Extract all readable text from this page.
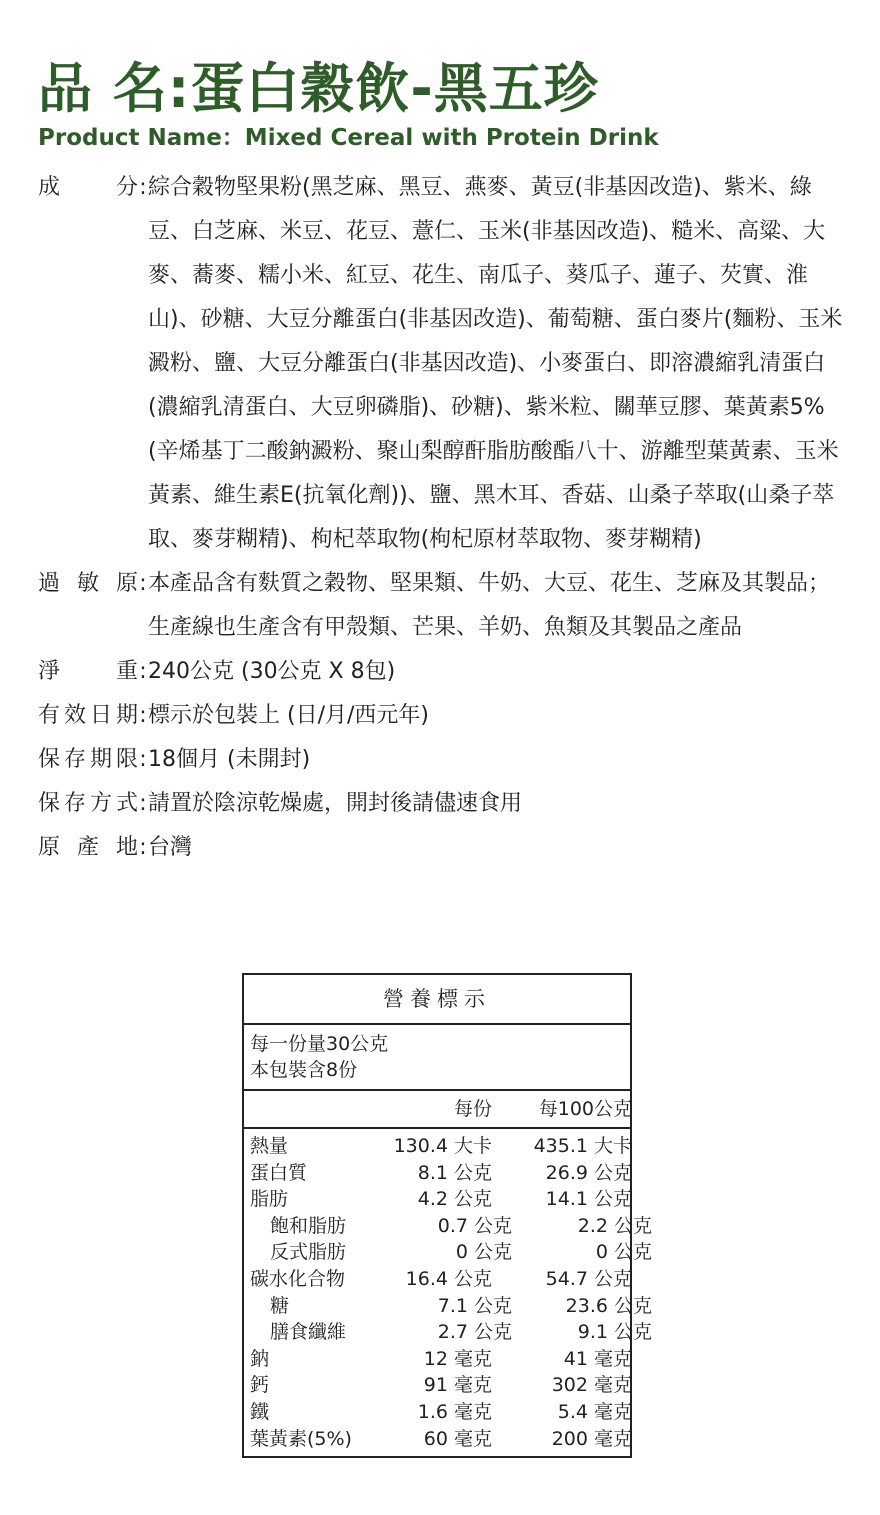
品 名:蛋白穀飲-黑五珍
Product Name：Mixed Cereal with Protein Drink
成	分 : 綜合穀物堅果粉(黑芝麻、黑豆、燕麥、黃豆(非基因改造)、紫米、綠豆、白芝麻、米豆、花豆、薏仁、玉米(非基因改造)、糙米、高粱、大麥、蕎麥、糯小米、紅豆、花生、南瓜子、葵瓜子、蓮子、芡實、淮山)、砂糖、大豆分離蛋白(非基因改造)、葡萄糖、蛋白麥片(麵粉、玉米澱粉、鹽、大豆分離蛋白(非基因改造)、小麥蛋白、即溶濃縮乳清蛋白(濃縮乳清蛋白、大豆卵磷脂)、砂糖)、紫米粒、關華豆膠、葉黃素5%(辛烯基丁二酸鈉澱粉、聚山梨醇酐脂肪酸酯八十、游離型葉黃素、玉米黃素、維生素E(抗氧化劑))、鹽、黑木耳、香菇、山桑子萃取(山桑子萃取、麥芽糊精)、枸杞萃取物(枸杞原材萃取物、麥芽糊精)
過 敏 原 : 本產品含有麩質之穀物、堅果類、牛奶、大豆、花生、芝麻及其製品；生產線也生產含有甲殼類、芒果、羊奶、魚類及其製品之產品
淨	重 : 240公克 (30公克 X 8包)
有 效 日 期 : 標示於包裝上 (日/月/西元年)
保 存 期 限 : 18個月 (未開封)
保 存 方 式 : 請置於陰涼乾燥處，開封後請儘速食用
原 產 地 : 台灣
營養標示
每一份量30公克
本包裝含8份
每份	每100公克
熱量	130.4 大卡	435.1 大卡
蛋白質	8.1 公克	26.9 公克
脂肪	4.2 公克	14.1 公克
飽和脂肪	0.7 公克	2.2 公克
反式脂肪	0 公克	0 公克
碳水化合物	16.4 公克	54.7 公克
糖	7.1 公克	23.6 公克
膳食纖維	2.7 公克	9.1 公克
鈉	12 毫克	41 毫克
鈣	91 毫克	302 毫克
鐵	1.6 毫克	5.4 毫克
葉黃素(5%)	60 毫克	200 毫克
